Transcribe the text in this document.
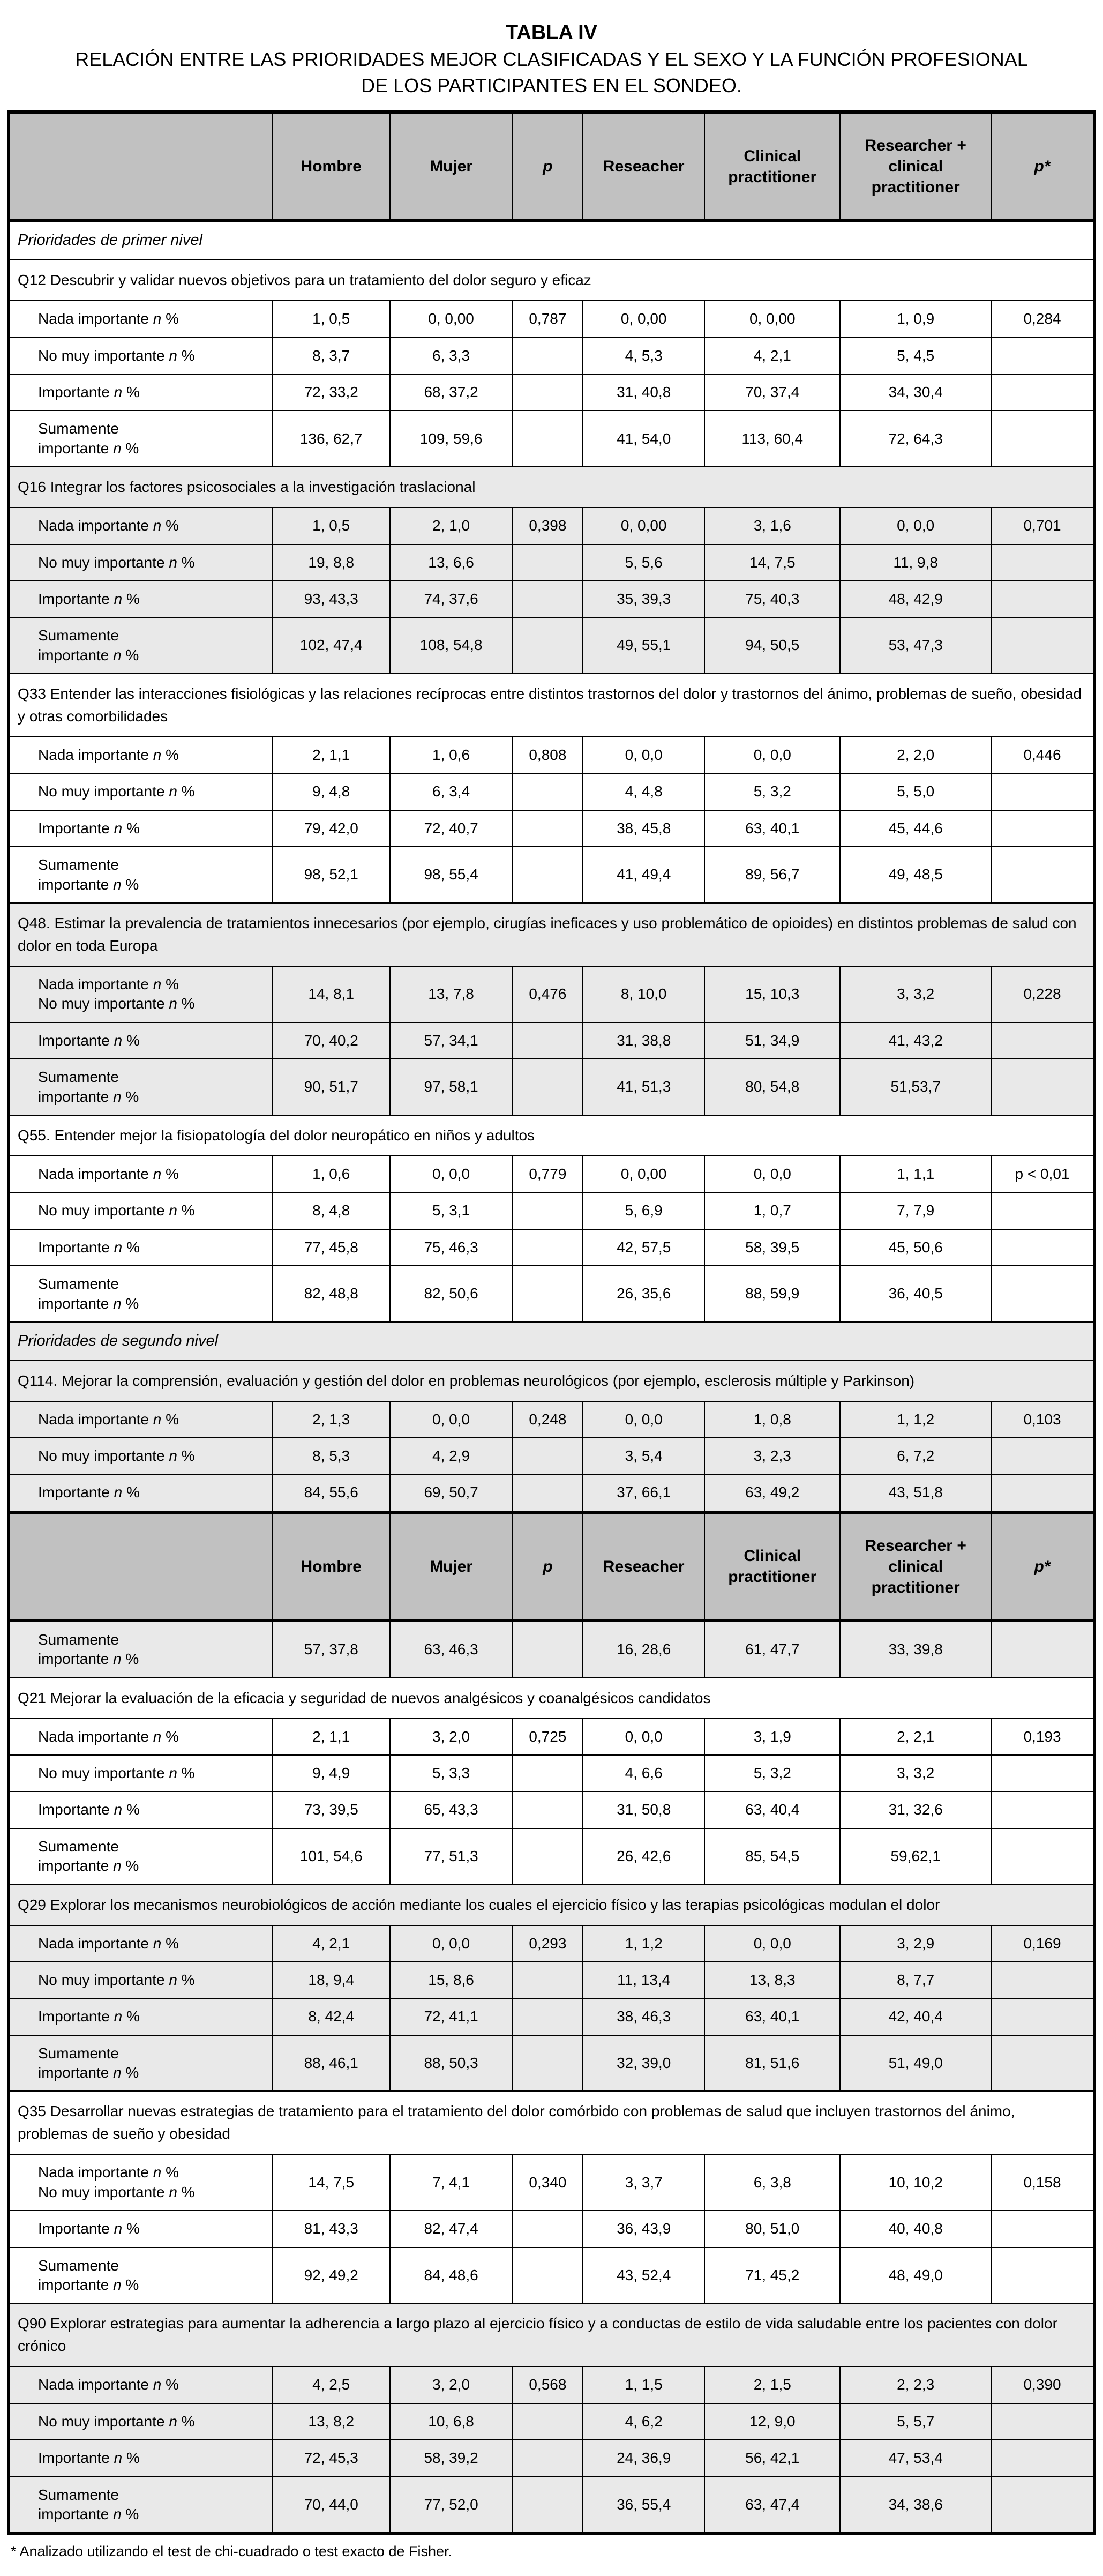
TABLA IV
RELACIÓN ENTRE LAS PRIORIDADES MEJOR CLASIFICADAS Y EL SEXO Y LA FUNCIÓN PROFESIONAL
DE LOS PARTICIPANTES EN EL SONDEO.
	Hombre	Mujer	p	Reseacher	Clinical practitioner	Researcher + clinical practitioner	p*
Prioridades de primer nivel							
Q12 Descubrir y validar nuevos objetivos para un tratamiento del dolor seguro y eficaz							
Nada importante n %	1, 0,5	0, 0,00	0,787	0, 0,00	0, 0,00	1, 0,9	0,284
No muy importante n %	8, 3,7	6, 3,3		4, 5,3	4, 2,1	5, 4,5	
Importante n %	72, 33,2	68, 37,2		31, 40,8	70, 37,4	34, 30,4	
Sumamente
importante n %	136, 62,7	109, 59,6		41, 54,0	113, 60,4	72, 64,3	
Q16 Integrar los factores psicosociales a la investigación traslacional							
Nada importante n %	1, 0,5	2, 1,0	0,398	0, 0,00	3, 1,6	0, 0,0	0,701
No muy importante n %	19, 8,8	13, 6,6		5, 5,6	14, 7,5	11, 9,8	
Importante n %	93, 43,3	74, 37,6		35, 39,3	75, 40,3	48, 42,9	
Sumamente
importante n %	102, 47,4	108, 54,8		49, 55,1	94, 50,5	53, 47,3	
Q33 Entender las interacciones fisiológicas y las relaciones recíprocas entre distintos trastornos del dolor y trastornos del ánimo, problemas de sueño, obesidad y otras comorbilidades							
Nada importante n %	2, 1,1	1, 0,6	0,808	0, 0,0	0, 0,0	2, 2,0	0,446
No muy importante n %	9, 4,8	6, 3,4		4, 4,8	5, 3,2	5, 5,0	
Importante n %	79, 42,0	72, 40,7		38, 45,8	63, 40,1	45, 44,6	
Sumamente
importante n %	98, 52,1	98, 55,4		41, 49,4	89, 56,7	49, 48,5	
Q48. Estimar la prevalencia de tratamientos innecesarios (por ejemplo, cirugías ineficaces y uso problemático de opioides) en distintos problemas de salud con dolor en toda Europa							
Nada importante n %
No muy importante n %	14, 8,1	13, 7,8	0,476	8, 10,0	15, 10,3	3, 3,2	0,228
Importante n %	70, 40,2	57, 34,1		31, 38,8	51, 34,9	41, 43,2	
Sumamente
importante n %	90, 51,7	97, 58,1		41, 51,3	80, 54,8	51,53,7	
Q55. Entender mejor la fisiopatología del dolor neuropático en niños y adultos							
Nada importante n %	1, 0,6	0, 0,0	0,779	0, 0,00	0, 0,0	1, 1,1	p < 0,01
No muy importante n %	8, 4,8	5, 3,1		5, 6,9	1, 0,7	7, 7,9	
Importante n %	77, 45,8	75, 46,3		42, 57,5	58, 39,5	45, 50,6	
Sumamente
importante n %	82, 48,8	82, 50,6		26, 35,6	88, 59,9	36, 40,5	
Prioridades de segundo nivel							
Q114. Mejorar la comprensión, evaluación y gestión del dolor en problemas neurológicos (por ejemplo, esclerosis múltiple y Parkinson)							
Nada importante n %	2, 1,3	0, 0,0	0,248	0, 0,0	1, 0,8	1, 1,2	0,103
No muy importante n %	8, 5,3	4, 2,9		3, 5,4	3, 2,3	6, 7,2	
Importante n %	84, 55,6	69, 50,7		37, 66,1	63, 49,2	43, 51,8	
	Hombre	Mujer	p	Reseacher	Clinical practitioner	Researcher + clinical practitioner	p*
Sumamente
importante n %	57, 37,8	63, 46,3		16, 28,6	61, 47,7	33, 39,8	
Q21 Mejorar la evaluación de la eficacia y seguridad de nuevos analgésicos y coanalgésicos candidatos							
Nada importante n %	2, 1,1	3, 2,0	0,725	0, 0,0	3, 1,9	2, 2,1	0,193
No muy importante n %	9, 4,9	5, 3,3		4, 6,6	5, 3,2	3, 3,2	
Importante n %	73, 39,5	65, 43,3		31, 50,8	63, 40,4	31, 32,6	
Sumamente
importante n %	101, 54,6	77, 51,3		26, 42,6	85, 54,5	59,62,1	
Q29 Explorar los mecanismos neurobiológicos de acción mediante los cuales el ejercicio físico y las terapias psicológicas modulan el dolor							
Nada importante n %	4, 2,1	0, 0,0	0,293	1, 1,2	0, 0,0	3, 2,9	0,169
No muy importante n %	18, 9,4	15, 8,6		11, 13,4	13, 8,3	8, 7,7	
Importante n %	8, 42,4	72, 41,1		38, 46,3	63, 40,1	42, 40,4	
Sumamente
importante n %	88, 46,1	88, 50,3		32, 39,0	81, 51,6	51, 49,0	
Q35 Desarrollar nuevas estrategias de tratamiento para el tratamiento del dolor comórbido con problemas de salud que incluyen trastornos del ánimo, problemas de sueño y obesidad							
Nada importante n %
No muy importante n %	14, 7,5	7, 4,1	0,340	3, 3,7	6, 3,8	10, 10,2	0,158
Importante n %	81, 43,3	82, 47,4		36, 43,9	80, 51,0	40, 40,8	
Sumamente
importante n %	92, 49,2	84, 48,6		43, 52,4	71, 45,2	48, 49,0	
Q90 Explorar estrategias para aumentar la adherencia a largo plazo al ejercicio físico y a conductas de estilo de vida saludable entre los pacientes con dolor crónico							
Nada importante n %	4, 2,5	3, 2,0	0,568	1, 1,5	2, 1,5	2, 2,3	0,390
No muy importante n %	13, 8,2	10, 6,8		4, 6,2	12, 9,0	5, 5,7	
Importante n %	72, 45,3	58, 39,2		24, 36,9	56, 42,1	47, 53,4	
Sumamente
importante n %	70, 44,0	77, 52,0		36, 55,4	63, 47,4	34, 38,6	
* Analizado utilizando el test de chi-cuadrado o test exacto de Fisher.
